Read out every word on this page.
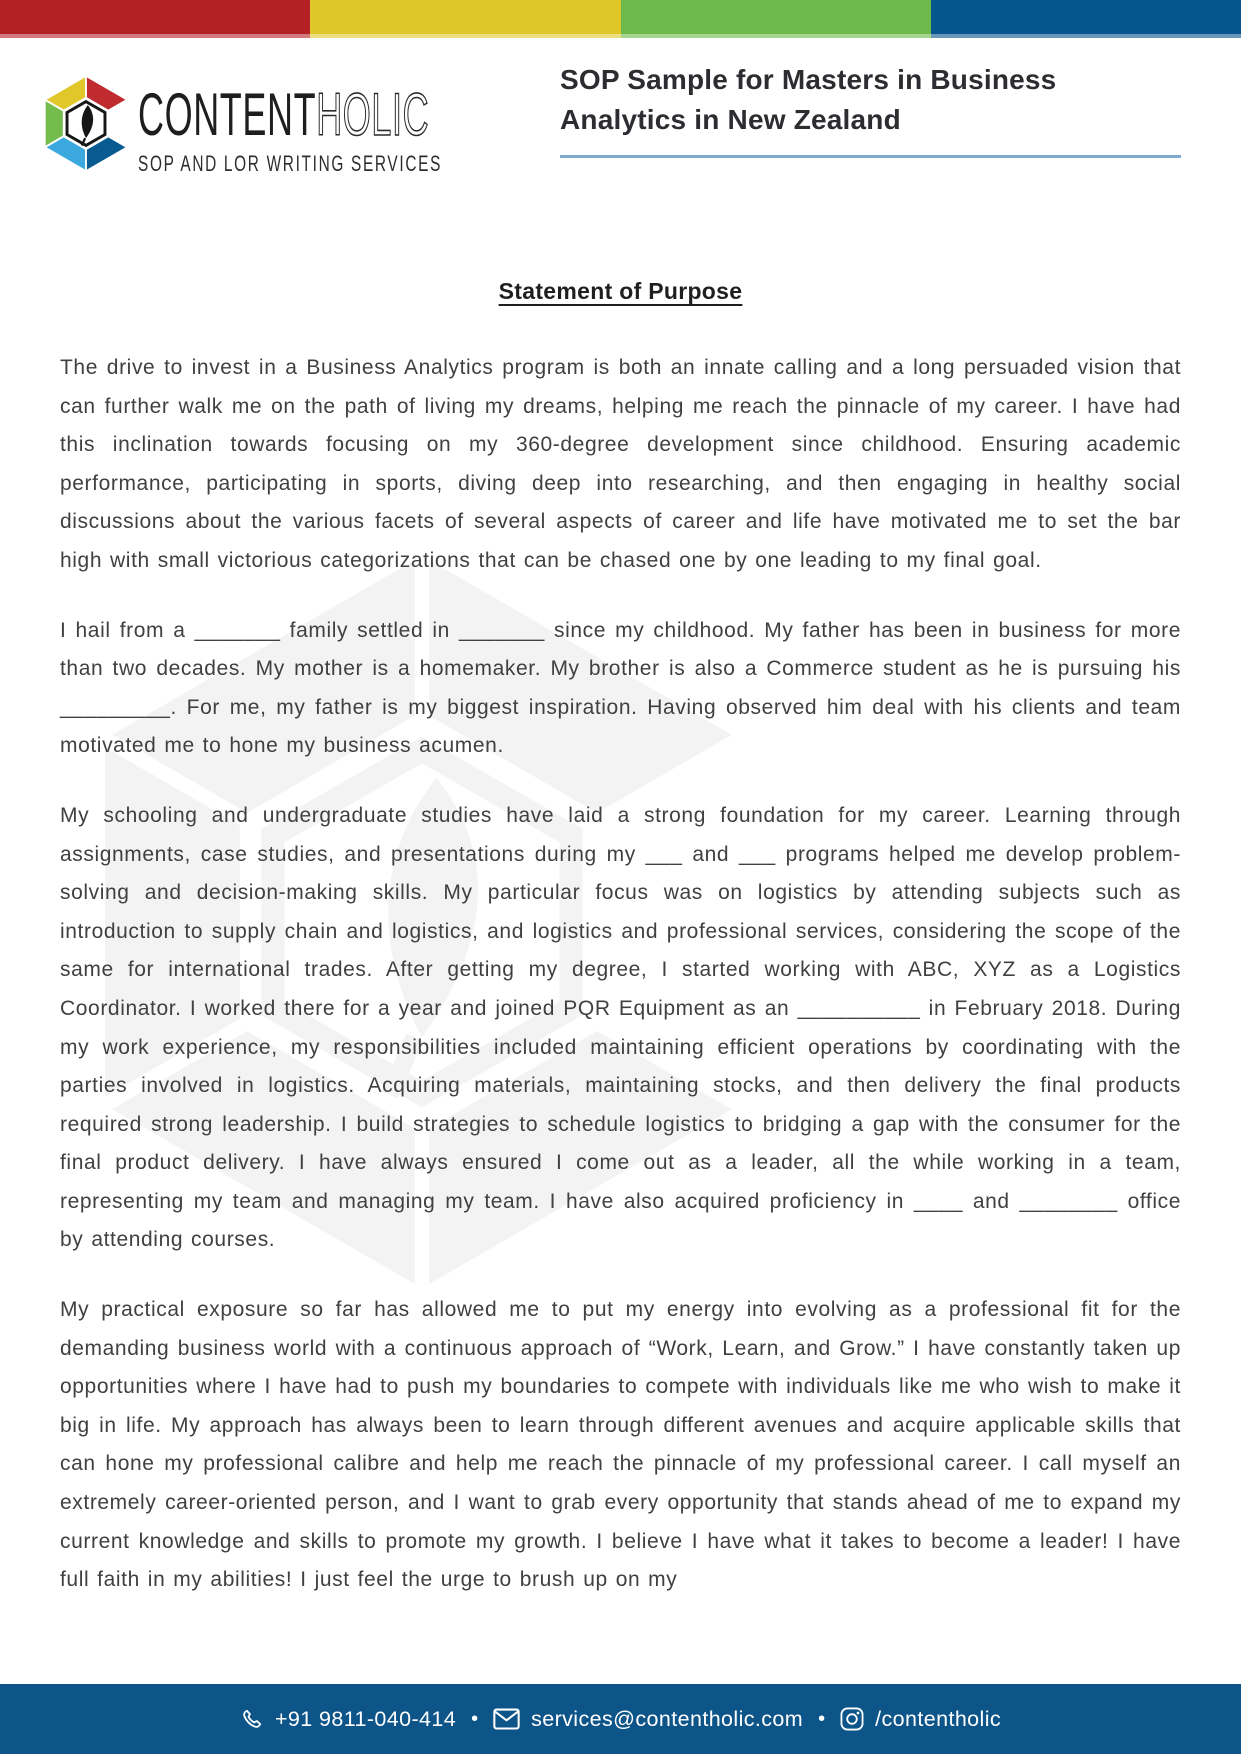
CONTENTHOLIC
SOP AND LOR WRITING SERVICES
SOP Sample for Masters in Business Analytics in New Zealand
Statement of Purpose

The drive to invest in a Business Analytics program is both an innate calling and a long persuaded vision that can further walk me on the path of living my dreams, helping me reach the pinnacle of my career. I have had this inclination towards focusing on my 360-degree development since childhood. Ensuring academic performance, participating in sports, diving deep into researching, and then engaging in healthy social discussions about the various facets of several aspects of career and life have motivated me to set the bar high with small victorious categorizations that can be chased one by one leading to my final goal.

I hail from a _______ family settled in _______ since my childhood. My father has been in business for more than two decades. My mother is a homemaker. My brother is also a Commerce student as he is pursuing his _________. For me, my father is my biggest inspiration. Having observed him deal with his clients and team motivated me to hone my business acumen.

My schooling and undergraduate studies have laid a strong foundation for my career. Learning through assignments, case studies, and presentations during my ___ and ___ programs helped me develop problem-solving and decision-making skills. My particular focus was on logistics by attending subjects such as introduction to supply chain and logistics, and logistics and professional services, considering the scope of the same for international trades. After getting my degree, I started working with ABC, XYZ as a Logistics Coordinator. I worked there for a year and joined PQR Equipment as an __________ in February 2018. During my work experience, my responsibilities included maintaining efficient operations by coordinating with the parties involved in logistics. Acquiring materials, maintaining stocks, and then delivery the final products required strong leadership. I build strategies to schedule logistics to bridging a gap with the consumer for the final product delivery. I have always ensured I come out as a leader, all the while working in a team, representing my team and managing my team. I have also acquired proficiency in ____ and ________ office by attending courses.

My practical exposure so far has allowed me to put my energy into evolving as a professional fit for the demanding business world with a continuous approach of “Work, Learn, and Grow.” I have constantly taken up opportunities where I have had to push my boundaries to compete with individuals like me who wish to make it big in life. My approach has always been to learn through different avenues and acquire applicable skills that can hone my professional calibre and help me reach the pinnacle of my professional career. I call myself an extremely career-oriented person, and I want to grab every opportunity that stands ahead of me to expand my current knowledge and skills to promote my growth. I believe I have what it takes to become a leader! I have full faith in my abilities! I just feel the urge to brush up on my

+91 9811-040-414 • services@contentholic.com • /contentholic
